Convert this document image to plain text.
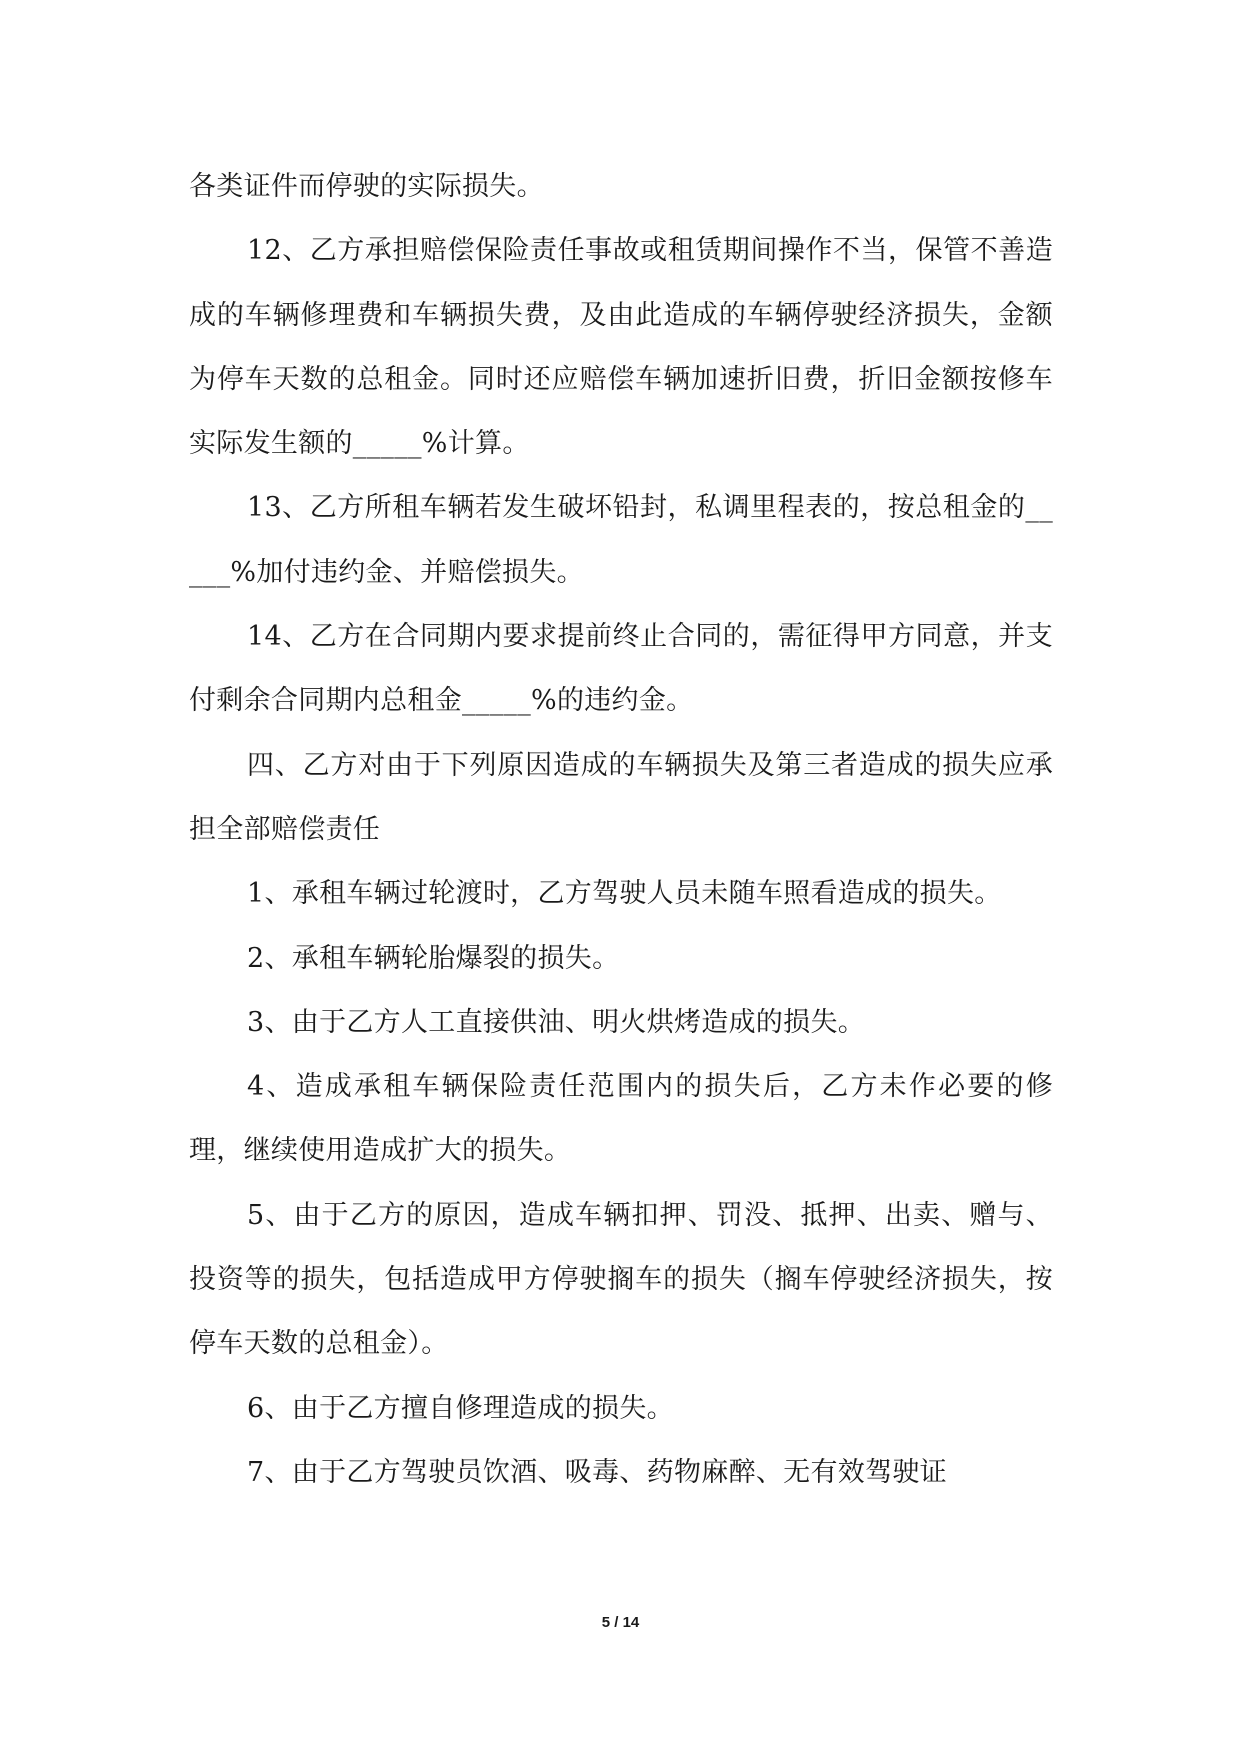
各类证件而停驶的实际损失。

12、乙方承担赔偿保险责任事故或租赁期间操作不当，保管不善造成的车辆修理费和车辆损失费，及由此造成的车辆停驶经济损失，金额为停车天数的总租金。同时还应赔偿车辆加速折旧费，折旧金额按修车实际发生额的_____%计算。

13、乙方所租车辆若发生破坏铅封，私调里程表的，按总租金的_____%加付违约金、并赔偿损失。

14、乙方在合同期内要求提前终止合同的，需征得甲方同意，并支付剩余合同期内总租金_____%的违约金。

四、乙方对由于下列原因造成的车辆损失及第三者造成的损失应承担全部赔偿责任

1、承租车辆过轮渡时，乙方驾驶人员未随车照看造成的损失。

2、承租车辆轮胎爆裂的损失。

3、由于乙方人工直接供油、明火烘烤造成的损失。

4、造成承租车辆保险责任范围内的损失后，乙方未作必要的修理，继续使用造成扩大的损失。

5、由于乙方的原因，造成车辆扣押、罚没、抵押、出卖、赠与、投资等的损失，包括造成甲方停驶搁车的损失（搁车停驶经济损失，按停车天数的总租金）。

6、由于乙方擅自修理造成的损失。

7、由于乙方驾驶员饮酒、吸毒、药物麻醉、无有效驾驶证

5 / 14
